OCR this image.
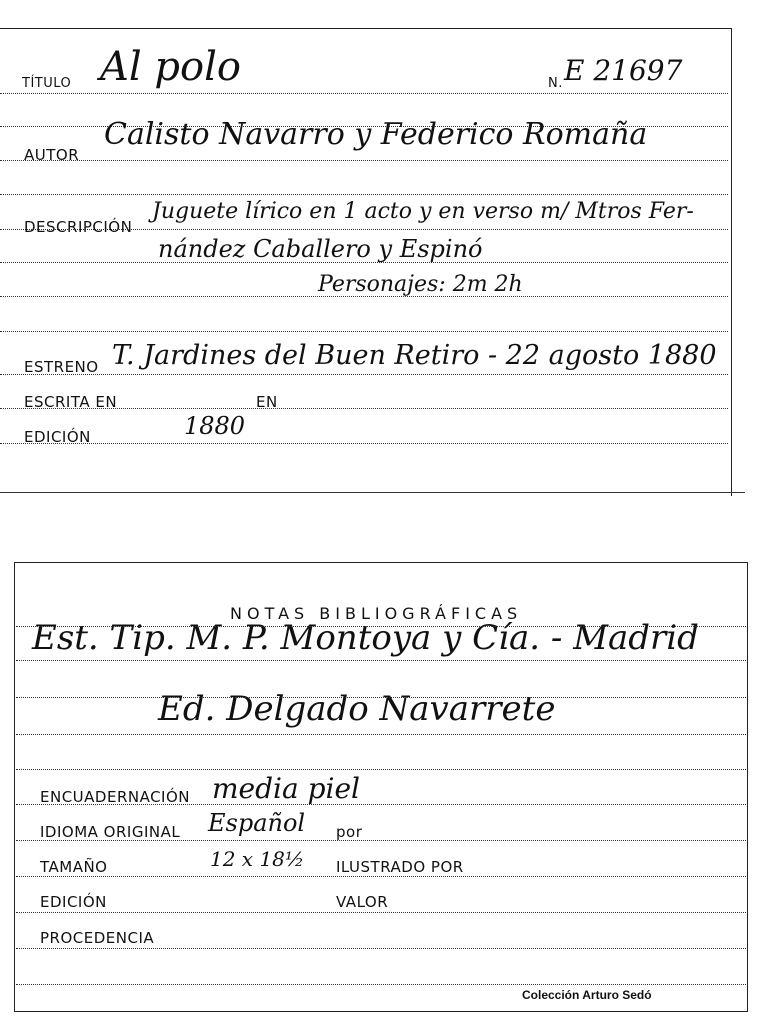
TÍTULO Al polo	N. E 21697
AUTOR
Calisto Navarro y Federico Romaña
DESCRIPCIÓN
Juguete lírico en 1 acto y en verso m/ Mtros Fer-
nández Caballero y Espinó
Personajes: 2m 2h
ESTRENO T. Jardines del Buen Retiro - 22 agosto 1880
ESCRITA EN	EN
EDICIÓN	1880
NOTAS BIBLIOGRÁFICAS
Est. Tip. M. P. Montoya y Cía. - Madrid
Ed. Delgado Navarrete
ENCUADERNACIÓN media piel
IDIOMA ORIGINAL Español por
TAMAÑO	12 x 18½ ILUSTRADO POR
EDICIÓN	VALOR
PROCEDENCIA
Colección Arturo Sedó
